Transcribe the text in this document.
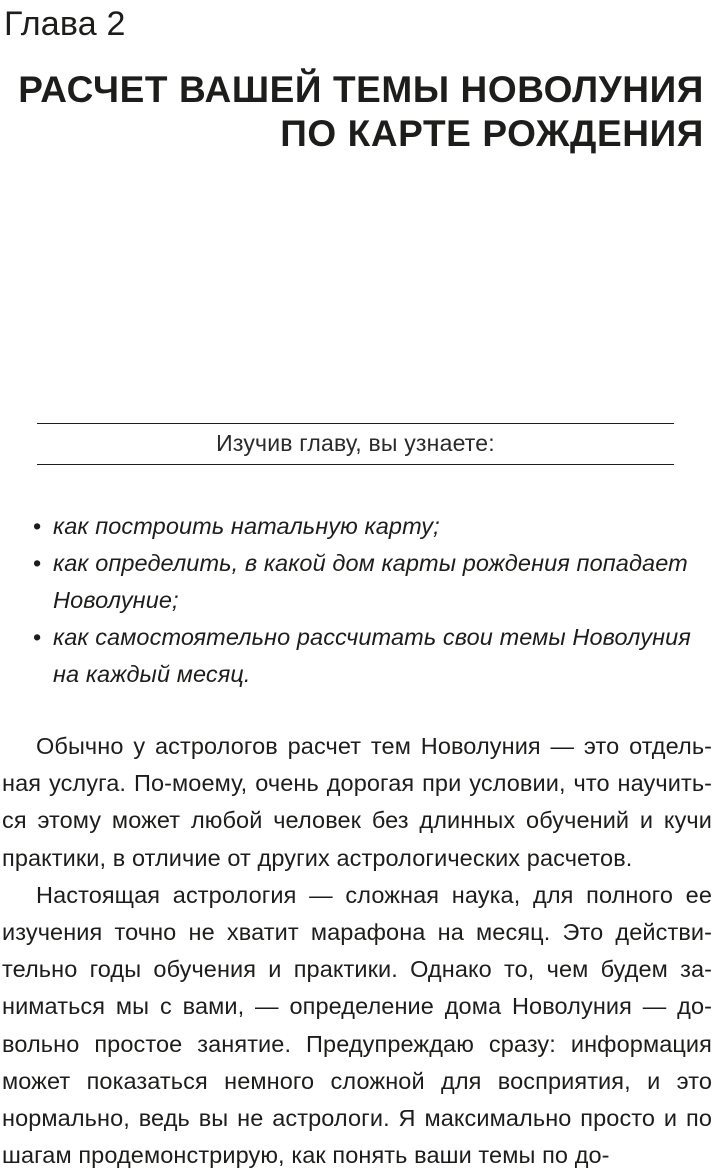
Глава 2
РАСЧЕТ ВАШЕЙ ТЕМЫ НОВОЛУНИЯ
ПО КАРТЕ РОЖДЕНИЯ
Изучив главу, вы узнаете:
• как построить натальную карту;
• как определить, в какой дом карты рождения попадает Новолуние;
• как самостоятельно рассчитать свои темы Новолуния на каждый месяц.

Обычно у астрологов расчет тем Новолуния — это отдельная услуга. По-моему, очень дорогая при условии, что научиться этому может любой человек без длинных обучений и кучи практики, в отличие от других астрологических расчетов.

Настоящая астрология — сложная наука, для полного ее изучения точно не хватит марафона на месяц. Это действительно годы обучения и практики. Однако то, чем будем заниматься мы с вами, — определение дома Новолуния — довольно простое занятие. Предупреждаю сразу: информация может показаться немного сложной для восприятия, и это нормально, ведь вы не астрологи. Я максимально просто и по шагам продемонстрирую, как понять ваши темы по до-
